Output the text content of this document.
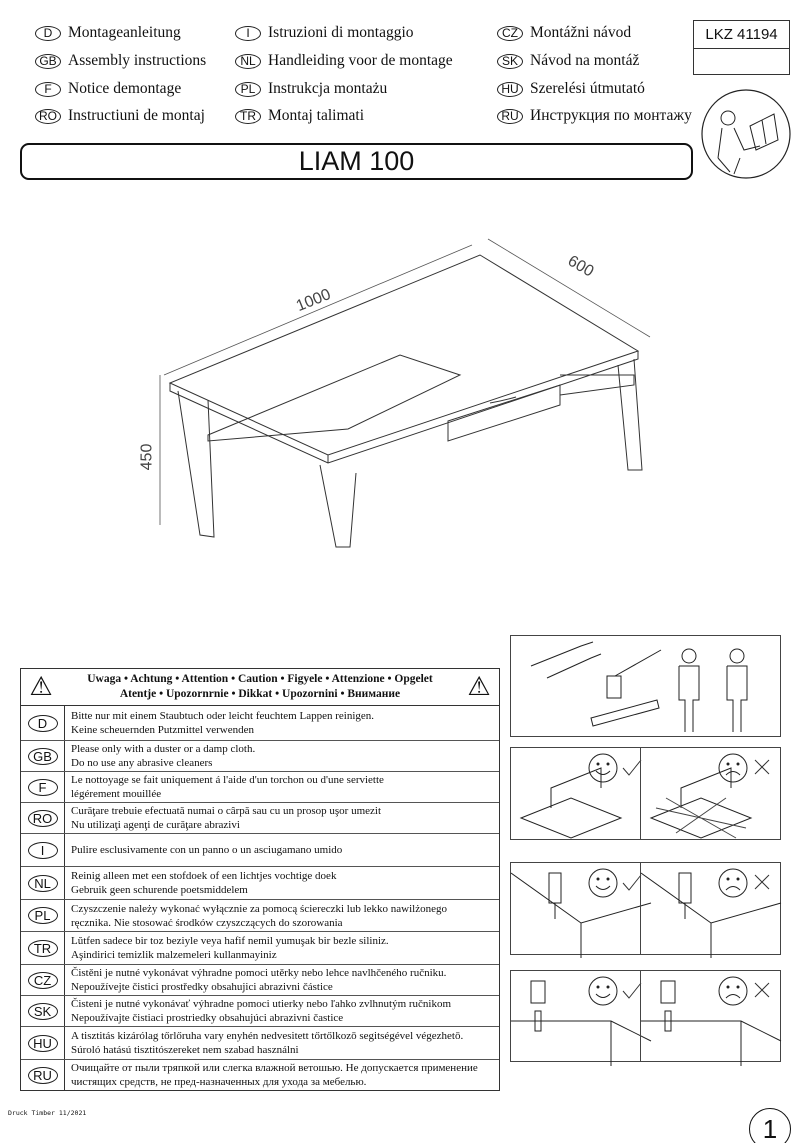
D	Montageanleitung
GB Assembly instructions
F	Notice demontage
RO Instructiuni de montaj
I	Istruzioni di montaggio
NL Handleiding voor de montage
PL Instrukcja montażu
TR Montaj talimati
CZ Montážni návod
SK Návod na montáž
HU Szerelési útmutató
RU Инструкция по монтажу
LKZ 41194
LIAM 100
1000
600
450
⚠	Uwaga • Achtung • Attention • Caution • Figyele • Attenzione • Opgelet
Atentje • Upozornrnie • Dikkat • Upozornini • Внимание	⚠
D	Bitte nur mit einem Staubtuch oder leicht feuchtem Lappen reinigen.
Keine scheuernden Putzmittel verwenden
GB	Please only with a duster or a damp cloth.
Do no use any abrasive cleaners
F	Le nottoyage se fait uniquement á l'aide d'un torchon ou d'une serviette
légérement mouillée
RO	Curăţare trebuie efectuată numai o cârpă sau cu un prosop uşor umezit
Nu utilizaţi agenţi de curăţare abrazivi
I	Pulire esclusivamente con un panno o un asciugamano umido
NL	Reinig alleen met een stofdoek of een lichtjes vochtige doek
Gebruik geen schurende poetsmiddelem
PL	Czyszczenie należy wykonać wyłącznie za pomocą ściereczki lub lekko nawilżonego
ręcznika. Nie stosować środków czyszczących do szorowania
TR	Lŭtfen sadece bir toz beziyle veya hafif nemil yumuşak bir bezle siliniz.
Aşindirici temizlik malzemeleri kullanmayiniz
CZ	Čistěni je nutné vykonávat výhradne pomoci utěrky nebo lehce navlhčeného ručniku.
Nepoužívejte čistici prostředky obsahujici abrazivni částice
SK	Čisteni je nutné vykonávať výhradne pomoci utierky nebo ľahko zvlhnutým ručnikom
Nepoužívajte čistiaci prostriedky obsahujúci abrazivni častice
HU	A tisztitás kizárólag tőrlőruha vary enyhén nedvesitett tőrtőlkozō segitségével végezhetō.
Súroló hatású tisztitószereket nem szabad használni
RU	Очищайте от пыли тряпкой или слегка влажной ветошью. Не допускается применение
чистящих средств, не пред-назначенных для ухода за мебелью.
Druck Timber 11/2021
1
